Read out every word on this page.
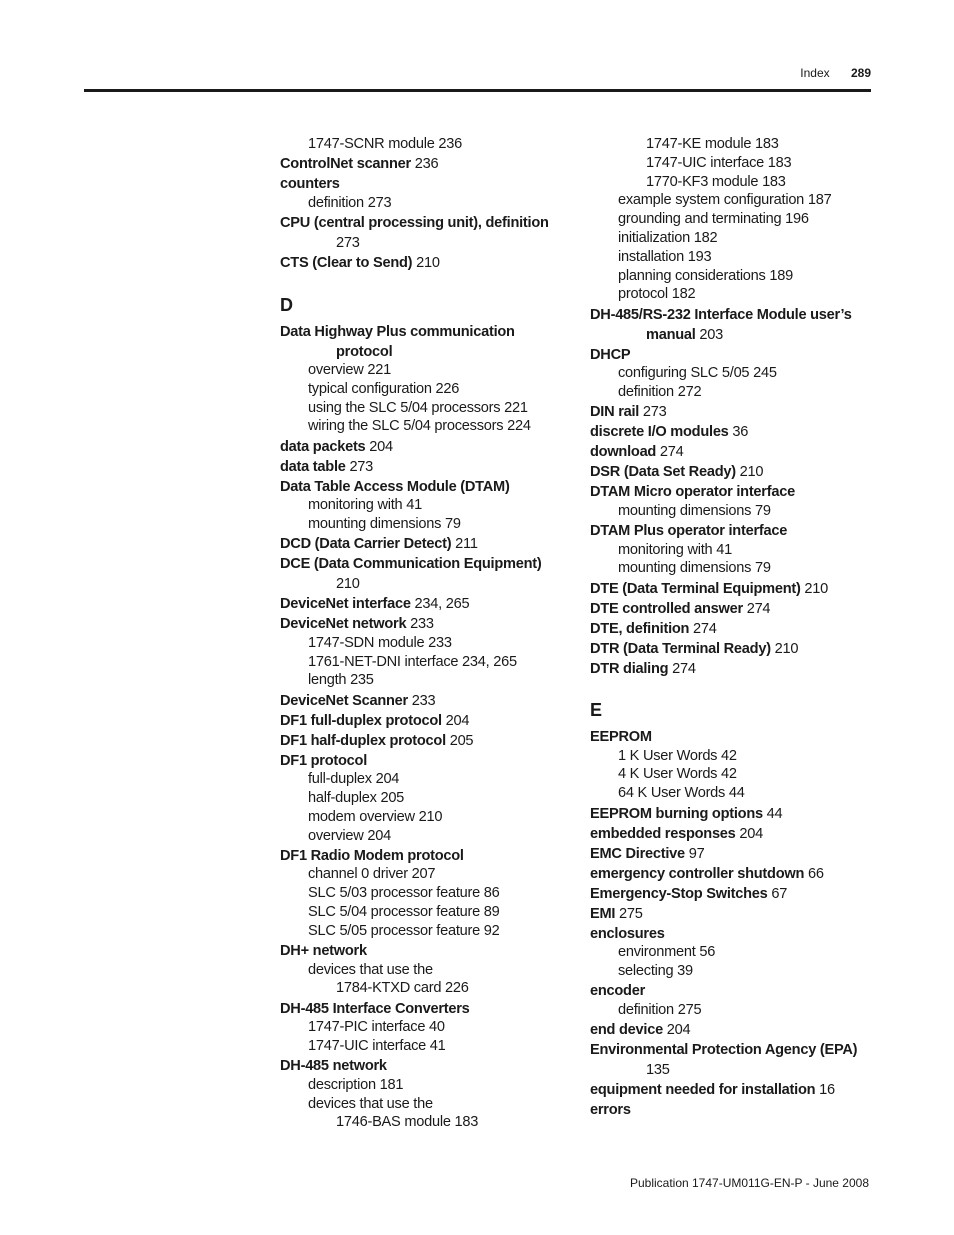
Index 289
1747-SCNR module 236
ControlNet scanner 236
counters
definition 273
CPU (central processing unit), definition
273
CTS (Clear to Send) 210
D
Data Highway Plus communication
protocol
overview 221
typical configuration 226
using the SLC 5/04 processors 221
wiring the SLC 5/04 processors 224
data packets 204
data table 273
Data Table Access Module (DTAM)
monitoring with 41
mounting dimensions 79
DCD (Data Carrier Detect) 211
DCE (Data Communication Equipment)
210
DeviceNet interface 234, 265
DeviceNet network 233
1747-SDN module 233
1761-NET-DNI interface 234, 265
length 235
DeviceNet Scanner 233
DF1 full-duplex protocol 204
DF1 half-duplex protocol 205
DF1 protocol
full-duplex 204
half-duplex 205
modem overview 210
overview 204
DF1 Radio Modem protocol
channel 0 driver 207
SLC 5/03 processor feature 86
SLC 5/04 processor feature 89
SLC 5/05 processor feature 92
DH+ network
devices that use the
1784-KTXD card 226
DH-485 Interface Converters
1747-PIC interface 40
1747-UIC interface 41
DH-485 network
description 181
devices that use the
1746-BAS module 183
1747-KE module 183
1747-UIC interface 183
1770-KF3 module 183
example system configuration 187
grounding and terminating 196
initialization 182
installation 193
planning considerations 189
protocol 182
DH-485/RS-232 Interface Module user’s
manual 203
DHCP
configuring SLC 5/05 245
definition 272
DIN rail 273
discrete I/O modules 36
download 274
DSR (Data Set Ready) 210
DTAM Micro operator interface
mounting dimensions 79
DTAM Plus operator interface
monitoring with 41
mounting dimensions 79
DTE (Data Terminal Equipment) 210
DTE controlled answer 274
DTE, definition 274
DTR (Data Terminal Ready) 210
DTR dialing 274
E
EEPROM
1 K User Words 42
4 K User Words 42
64 K User Words 44
EEPROM burning options 44
embedded responses 204
EMC Directive 97
emergency controller shutdown 66
Emergency-Stop Switches 67
EMI 275
enclosures
environment 56
selecting 39
encoder
definition 275
end device 204
Environmental Protection Agency (EPA)
135
equipment needed for installation 16
errors
Publication 1747-UM011G-EN-P - June 2008
